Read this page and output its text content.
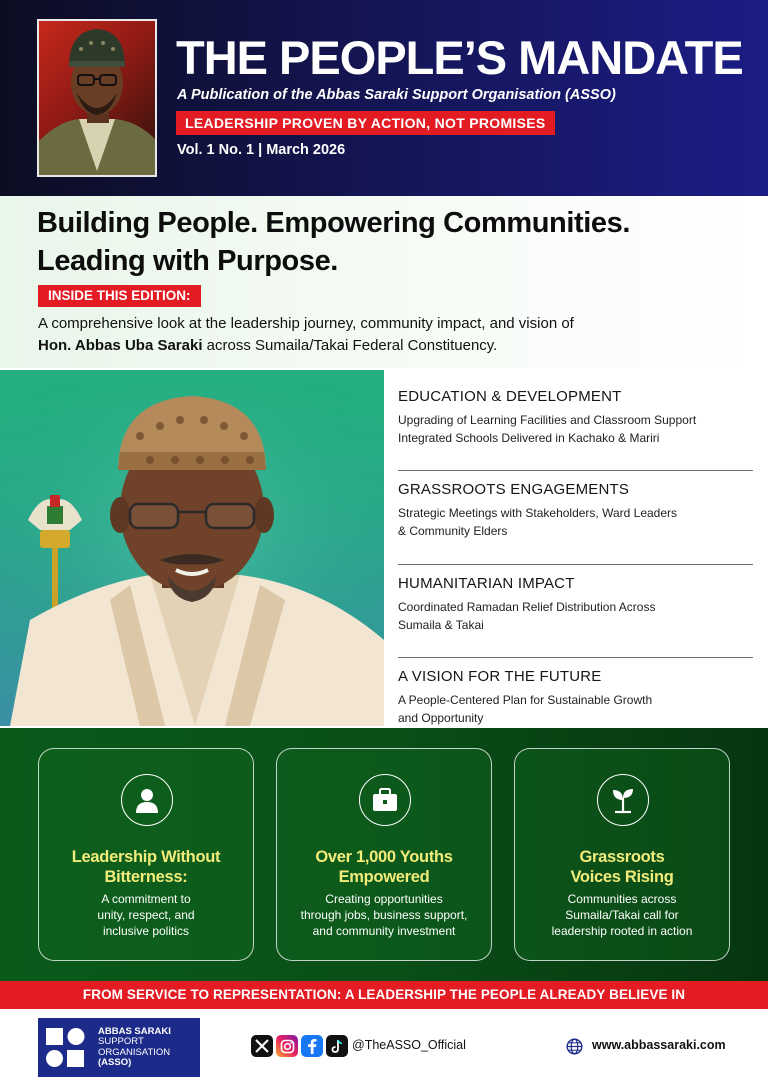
THE PEOPLE’S MANDATE
A Publication of the Abbas Saraki Support Organisation (ASSO)
LEADERSHIP PROVEN BY ACTION, NOT PROMISES
Vol. 1 No. 1 | March 2026
Building People. Empowering Communities.
Leading with Purpose.
INSIDE THIS EDITION:
A comprehensive look at the leadership journey, community impact, and vision of
Hon. Abbas Uba Saraki across Sumaila/Takai Federal Constituency.
EDUCATION & DEVELOPMENT
Upgrading of Learning Facilities and Classroom Support
Integrated Schools Delivered in Kachako & Mariri
GRASSROOTS ENGAGEMENTS
Strategic Meetings with Stakeholders, Ward Leaders
& Community Elders
HUMANITARIAN IMPACT
Coordinated Ramadan Relief Distribution Across
Sumaila & Takai
A VISION FOR THE FUTURE
A People-Centered Plan for Sustainable Growth
and Opportunity
Leadership Without
Bitterness:
A commitment to
unity, respect, and
inclusive politics
Over 1,000 Youths
Empowered
Creating opportunities
through jobs, business support,
and community investment
Grassroots
Voices Rising
Communities across
Sumaila/Takai call for
leadership rooted in action
FROM SERVICE TO REPRESENTATION: A LEADERSHIP THE PEOPLE ALREADY BELIEVE IN
ABBAS SARAKI
SUPPORT
ORGANISATION
(ASSO)
@TheASSO_Official	www.abbassaraki.com
